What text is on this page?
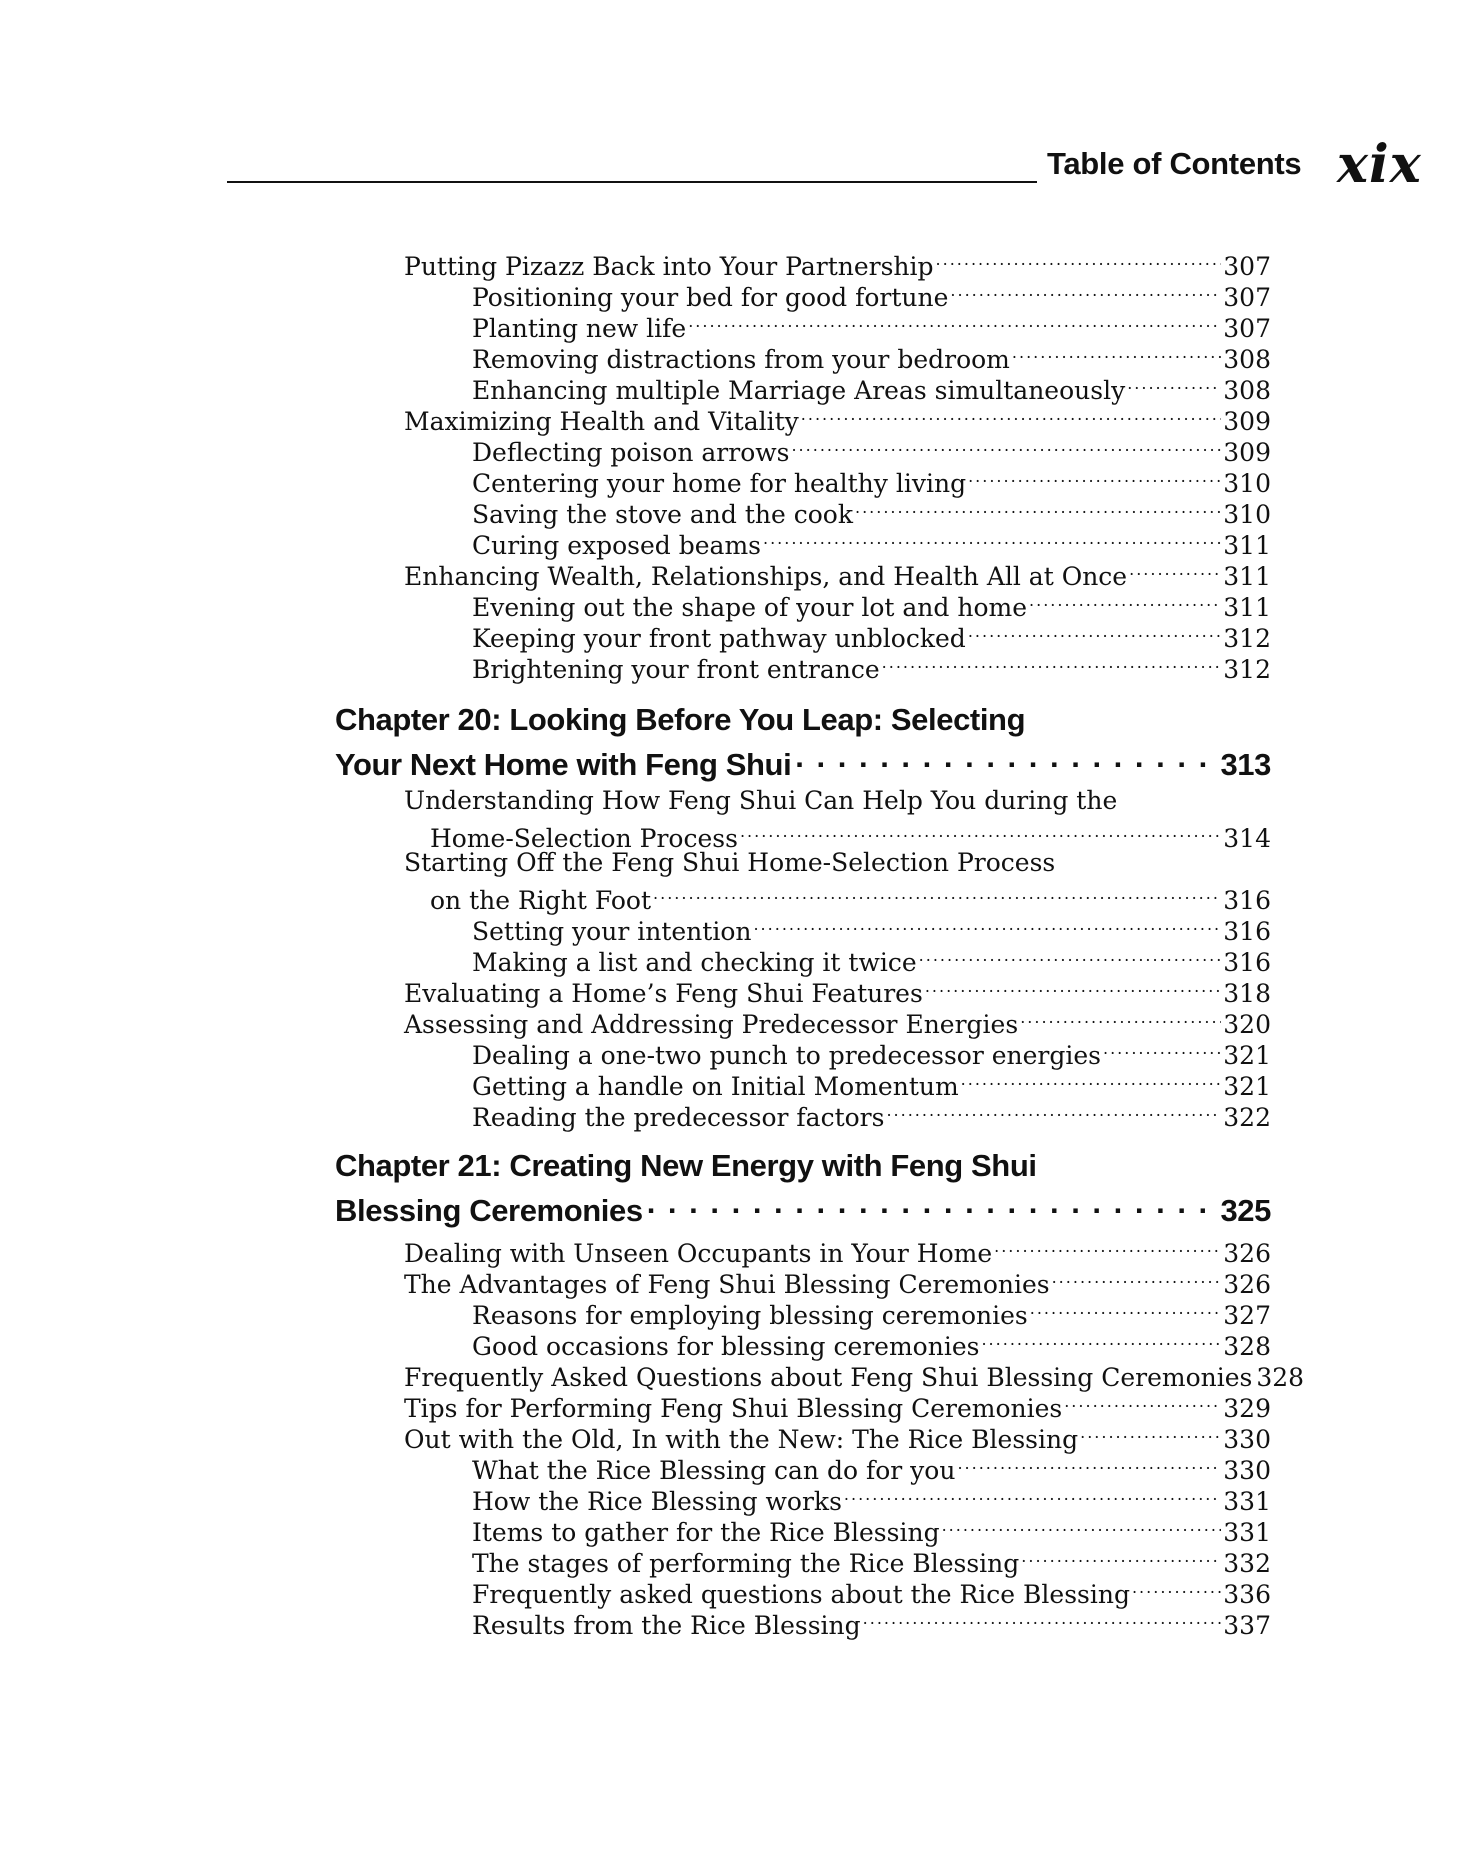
Table of Contents xix
Putting Pizazz Back into Your Partnership .....	307
Positioning your bed for good fortune .....	307
Planting new life .....	307
Removing distractions from your bedroom .....	308
Enhancing multiple Marriage Areas simultaneously .....	308
Maximizing Health and Vitality .....	309
Deflecting poison arrows .....	309
Centering your home for healthy living .....	310
Saving the stove and the cook .....	310
Curing exposed beams .....	311
Enhancing Wealth, Relationships, and Health All at Once .....	311
Evening out the shape of your lot and home .....	311
Keeping your front pathway unblocked .....	312
Brightening your front entrance .....	312
Chapter 20: Looking Before You Leap: Selecting
Your Next Home with Feng Shui . . .	313
Understanding How Feng Shui Can Help You during the
Home-Selection Process .....	314
Starting Off the Feng Shui Home-Selection Process
on the Right Foot .....	316
Setting your intention .....	316
Making a list and checking it twice .....	316
Evaluating a Home’s Feng Shui Features .....	318
Assessing and Addressing Predecessor Energies .....	320
Dealing a one-two punch to predecessor energies .....	321
Getting a handle on Initial Momentum .....	321
Reading the predecessor factors .....	322
Chapter 21: Creating New Energy with Feng Shui
Blessing Ceremonies . . .	325
Dealing with Unseen Occupants in Your Home .....	326
The Advantages of Feng Shui Blessing Ceremonies .....	326
Reasons for employing blessing ceremonies .....	327
Good occasions for blessing ceremonies .....	328
Frequently Asked Questions about Feng Shui Blessing Ceremonies 328
Tips for Performing Feng Shui Blessing Ceremonies .....	329
Out with the Old, In with the New: The Rice Blessing .....	330
What the Rice Blessing can do for you .....	330
How the Rice Blessing works .....	331
Items to gather for the Rice Blessing .....	331
The stages of performing the Rice Blessing .....	332
Frequently asked questions about the Rice Blessing .....	336
Results from the Rice Blessing .....	337
